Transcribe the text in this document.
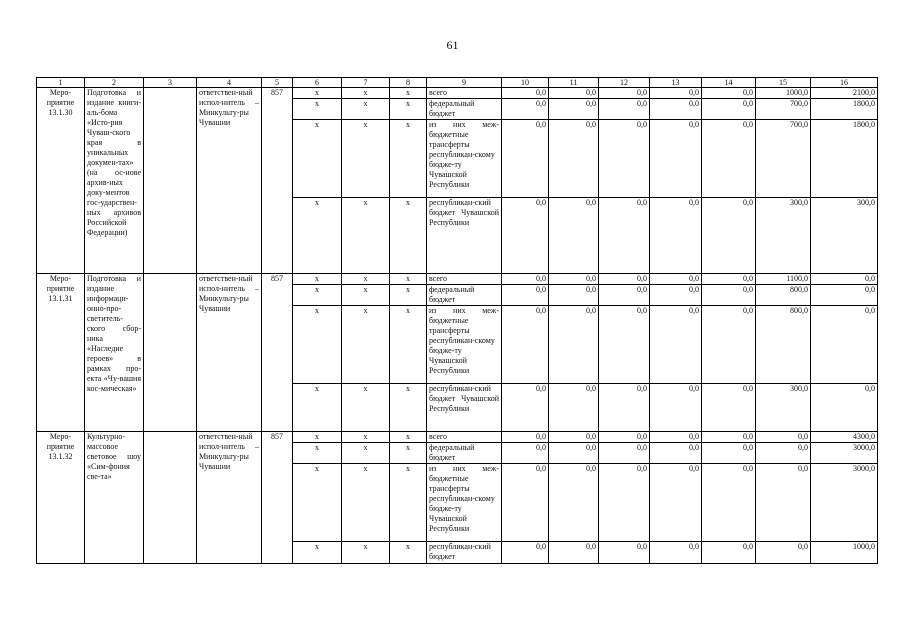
61
1	2	3	4	5	6	7	8	9	10	11	12	13	14	15	16
Меро-приятие 13.1.30	Подготовка и издание книги-аль-бома «Исто-рия Чуваш-ского края в уникальных докумен-тах» (на ос-нове архив-ных доку-ментов гос-ударствен-ных архивов Российской Федерации)		ответствен-ный испол-нитель – Минкульту-ры Чувашии	857	x	x	x	всего	0,0	0,0	0,0	0,0	0,0	1000,0	2100,0
					x	x	x	федеральный бюджет	0,0	0,0	0,0	0,0	0,0	700,0	1800,0
					x	x	x	из них меж-бюджетные трансферты республикан-скому бюдже-ту Чувашской Республики	0,0	0,0	0,0	0,0	0,0	700,0	1800,0
					x	x	x	республикан-ский бюджет Чувашской Республики	0,0	0,0	0,0	0,0	0,0	300,0	300,0
Меро-приятие 13.1.31	Подготовка и издание информаци-онно-про-светитель-ского сбор-ника «Наследие героев» в рамках про-екта «Чу-вашия кос-мическая»		ответствен-ный испол-нитель – Минкульту-ры Чувашии	857	x	x	x	всего	0,0	0,0	0,0	0,0	0,0	1100,0	0,0
					x	x	x	федеральный бюджет	0,0	0,0	0,0	0,0	0,0	800,0	0,0
					x	x	x	из них меж-бюджетные трансферты республикан-скому бюдже-ту Чувашской Республики	0,0	0,0	0,0	0,0	0,0	800,0	0,0
					x	x	x	республикан-ский бюджет Чувашской Республики	0,0	0,0	0,0	0,0	0,0	300,0	0,0
Меро-приятие 13.1.32	Культурно-массовое световое шоу «Сим-фония све-та»		ответствен-ный испол-нитель – Минкульту-ры Чувашии	857	x	x	x	всего	0,0	0,0	0,0	0,0	0,0	0,0	4300,0
					x	x	x	федеральный бюджет	0,0	0,0	0,0	0,0	0,0	0,0	3000,0
					x	x	x	из них меж-бюджетные трансферты республикан-скому бюдже-ту Чувашской Республики	0,0	0,0	0,0	0,0	0,0	0,0	3000,0
					x	x	x	республикан-ский бюджет	0,0	0,0	0,0	0,0	0,0	0,0	1000,0
